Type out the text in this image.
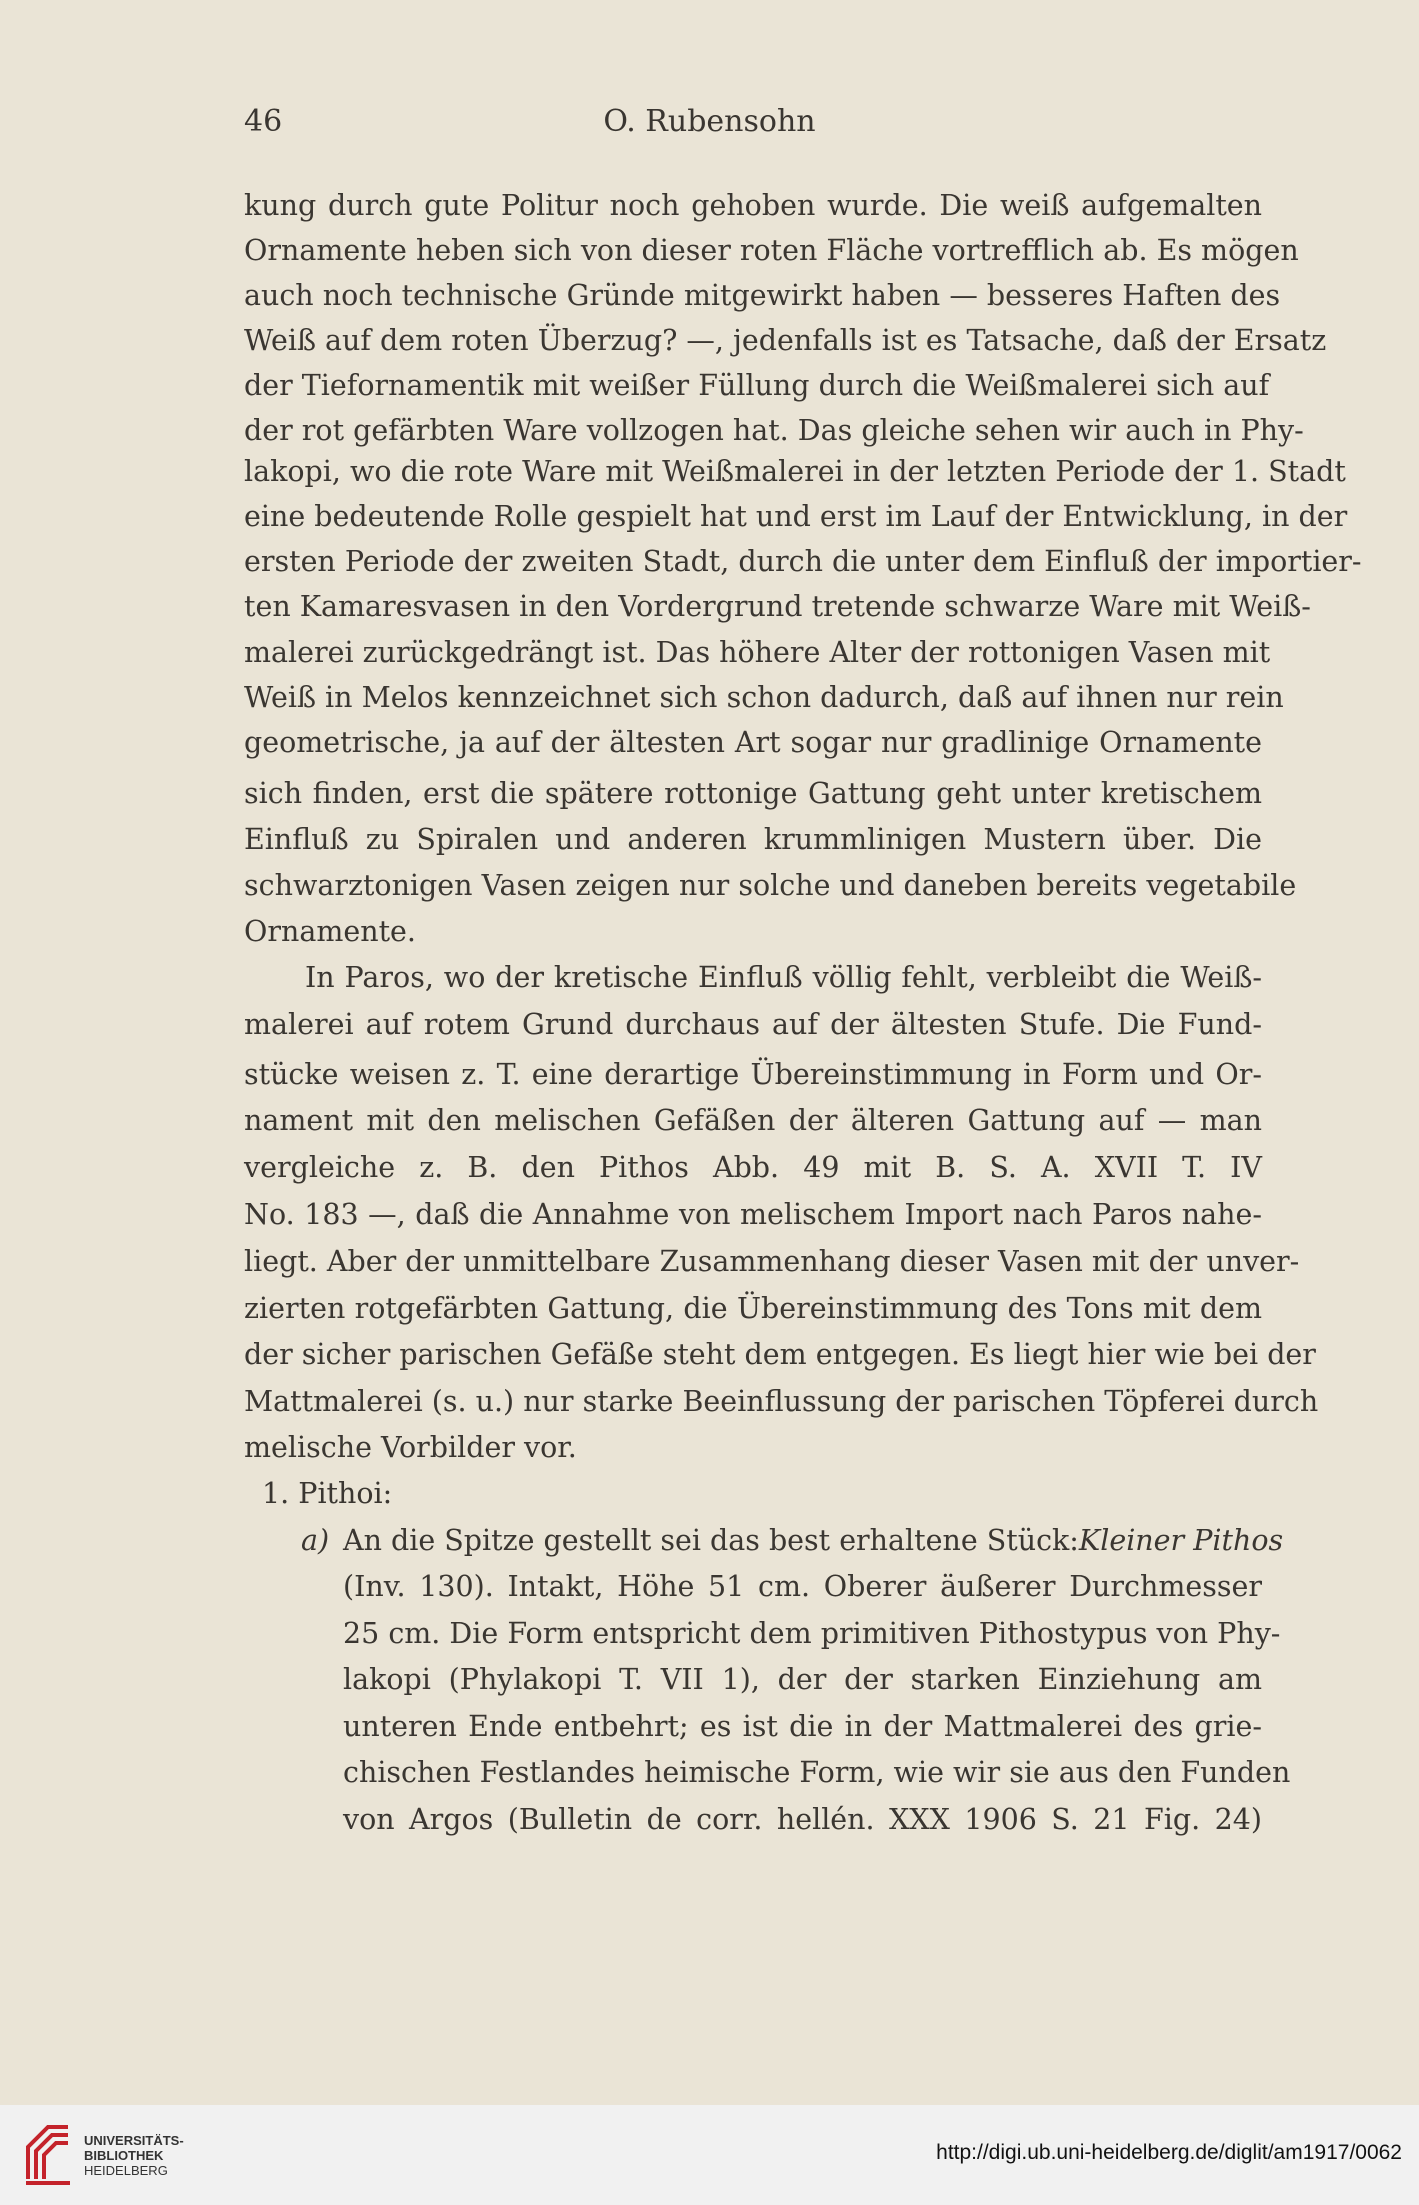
46	O. Rubensohn
kung durch gute Politur noch gehoben wurde. Die weiß aufgemalten
Ornamente heben sich von dieser roten Fläche vortrefflich ab. Es mögen
auch noch technische Gründe mitgewirkt haben — besseres Haften des
Weiß auf dem roten Überzug? —, jedenfalls ist es Tatsache, daß der Ersatz
der Tiefornamentik mit weißer Füllung durch die Weißmalerei sich auf
der rot gefärbten Ware vollzogen hat. Das gleiche sehen wir auch in Phy-
lakopi, wo die rote Ware mit Weißmalerei in der letzten Periode der 1. Stadt
eine bedeutende Rolle gespielt hat und erst im Lauf der Entwicklung, in der
ersten Periode der zweiten Stadt, durch die unter dem Einfluß der importier-
ten Kamaresvasen in den Vordergrund tretende schwarze Ware mit Weiß-
malerei zurückgedrängt ist. Das höhere Alter der rottonigen Vasen mit
Weiß in Melos kennzeichnet sich schon dadurch, daß auf ihnen nur rein
geometrische, ja auf der ältesten Art sogar nur gradlinige Ornamente
sich finden, erst die spätere rottonige Gattung geht unter kretischem
Einfluß zu Spiralen und anderen krummlinigen Mustern über. Die
schwarztonigen Vasen zeigen nur solche und daneben bereits vegetabile
Ornamente.
In Paros, wo der kretische Einfluß völlig fehlt, verbleibt die Weiß-
malerei auf rotem Grund durchaus auf der ältesten Stufe. Die Fund-
stücke weisen z. T. eine derartige Übereinstimmung in Form und Or-
nament mit den melischen Gefäßen der älteren Gattung auf — man
vergleiche z. B. den Pithos Abb. 49 mit B. S. A. XVII T. IV
No. 183 —, daß die Annahme von melischem Import nach Paros nahe-
liegt. Aber der unmittelbare Zusammenhang dieser Vasen mit der unver-
zierten rotgefärbten Gattung, die Übereinstimmung des Tons mit dem
der sicher parischen Gefäße steht dem entgegen. Es liegt hier wie bei der
Mattmalerei (s. u.) nur starke Beeinflussung der parischen Töpferei durch
melische Vorbilder vor.
1. Pithoi:
a) An die Spitze gestellt sei das best erhaltene Stück:Kleiner Pithos
(Inv. 130). Intakt, Höhe 51 cm. Oberer äußerer Durchmesser
25 cm. Die Form entspricht dem primitiven Pithostypus von Phy-
lakopi (Phylakopi T. VII 1), der der starken Einziehung am
unteren Ende entbehrt; es ist die in der Mattmalerei des grie-
chischen Festlandes heimische Form, wie wir sie aus den Funden
von Argos (Bulletin de corr. hellén. XXX 1906 S. 21 Fig. 24)
UNIVERSITÄTS-
BIBLIOTHEK
HEIDELBERG
http://digi.ub.uni-heidelberg.de/diglit/am1917/0062
